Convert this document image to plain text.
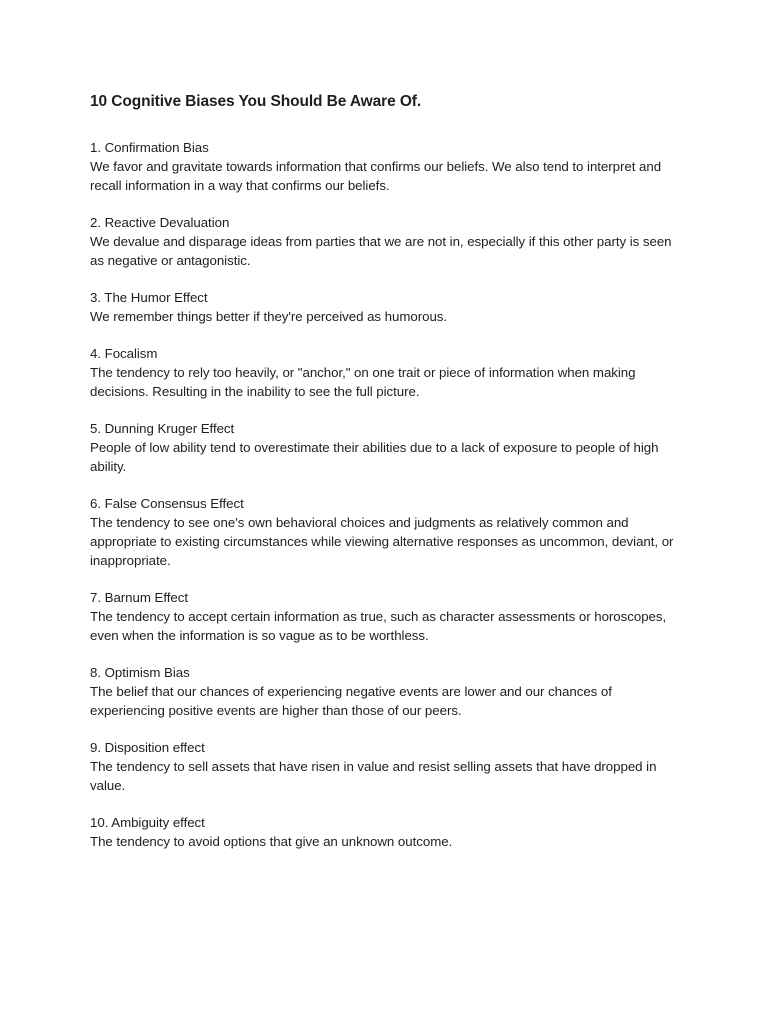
10 Cognitive Biases You Should Be Aware Of.

1. Confirmation Bias

We favor and gravitate towards information that confirms our beliefs. We also tend to interpret and recall information in a way that confirms our beliefs.

2. Reactive Devaluation

We devalue and disparage ideas from parties that we are not in, especially if this other party is seen as negative or antagonistic.

3. The Humor Effect

We remember things better if they're perceived as humorous.

4. Focalism

The tendency to rely too heavily, or "anchor," on one trait or piece of information when making decisions. Resulting in the inability to see the full picture.

5. Dunning Kruger Effect

People of low ability tend to overestimate their abilities due to a lack of exposure to people of high ability.

6. False Consensus Effect

The tendency to see one's own behavioral choices and judgments as relatively common and appropriate to existing circumstances while viewing alternative responses as uncommon, deviant, or inappropriate.

7. Barnum Effect

The tendency to accept certain information as true, such as character assessments or horoscopes, even when the information is so vague as to be worthless.

8. Optimism Bias

The belief that our chances of experiencing negative events are lower and our chances of experiencing positive events are higher than those of our peers.

9. Disposition effect

The tendency to sell assets that have risen in value and resist selling assets that have dropped in value.

10. Ambiguity effect

The tendency to avoid options that give an unknown outcome.
